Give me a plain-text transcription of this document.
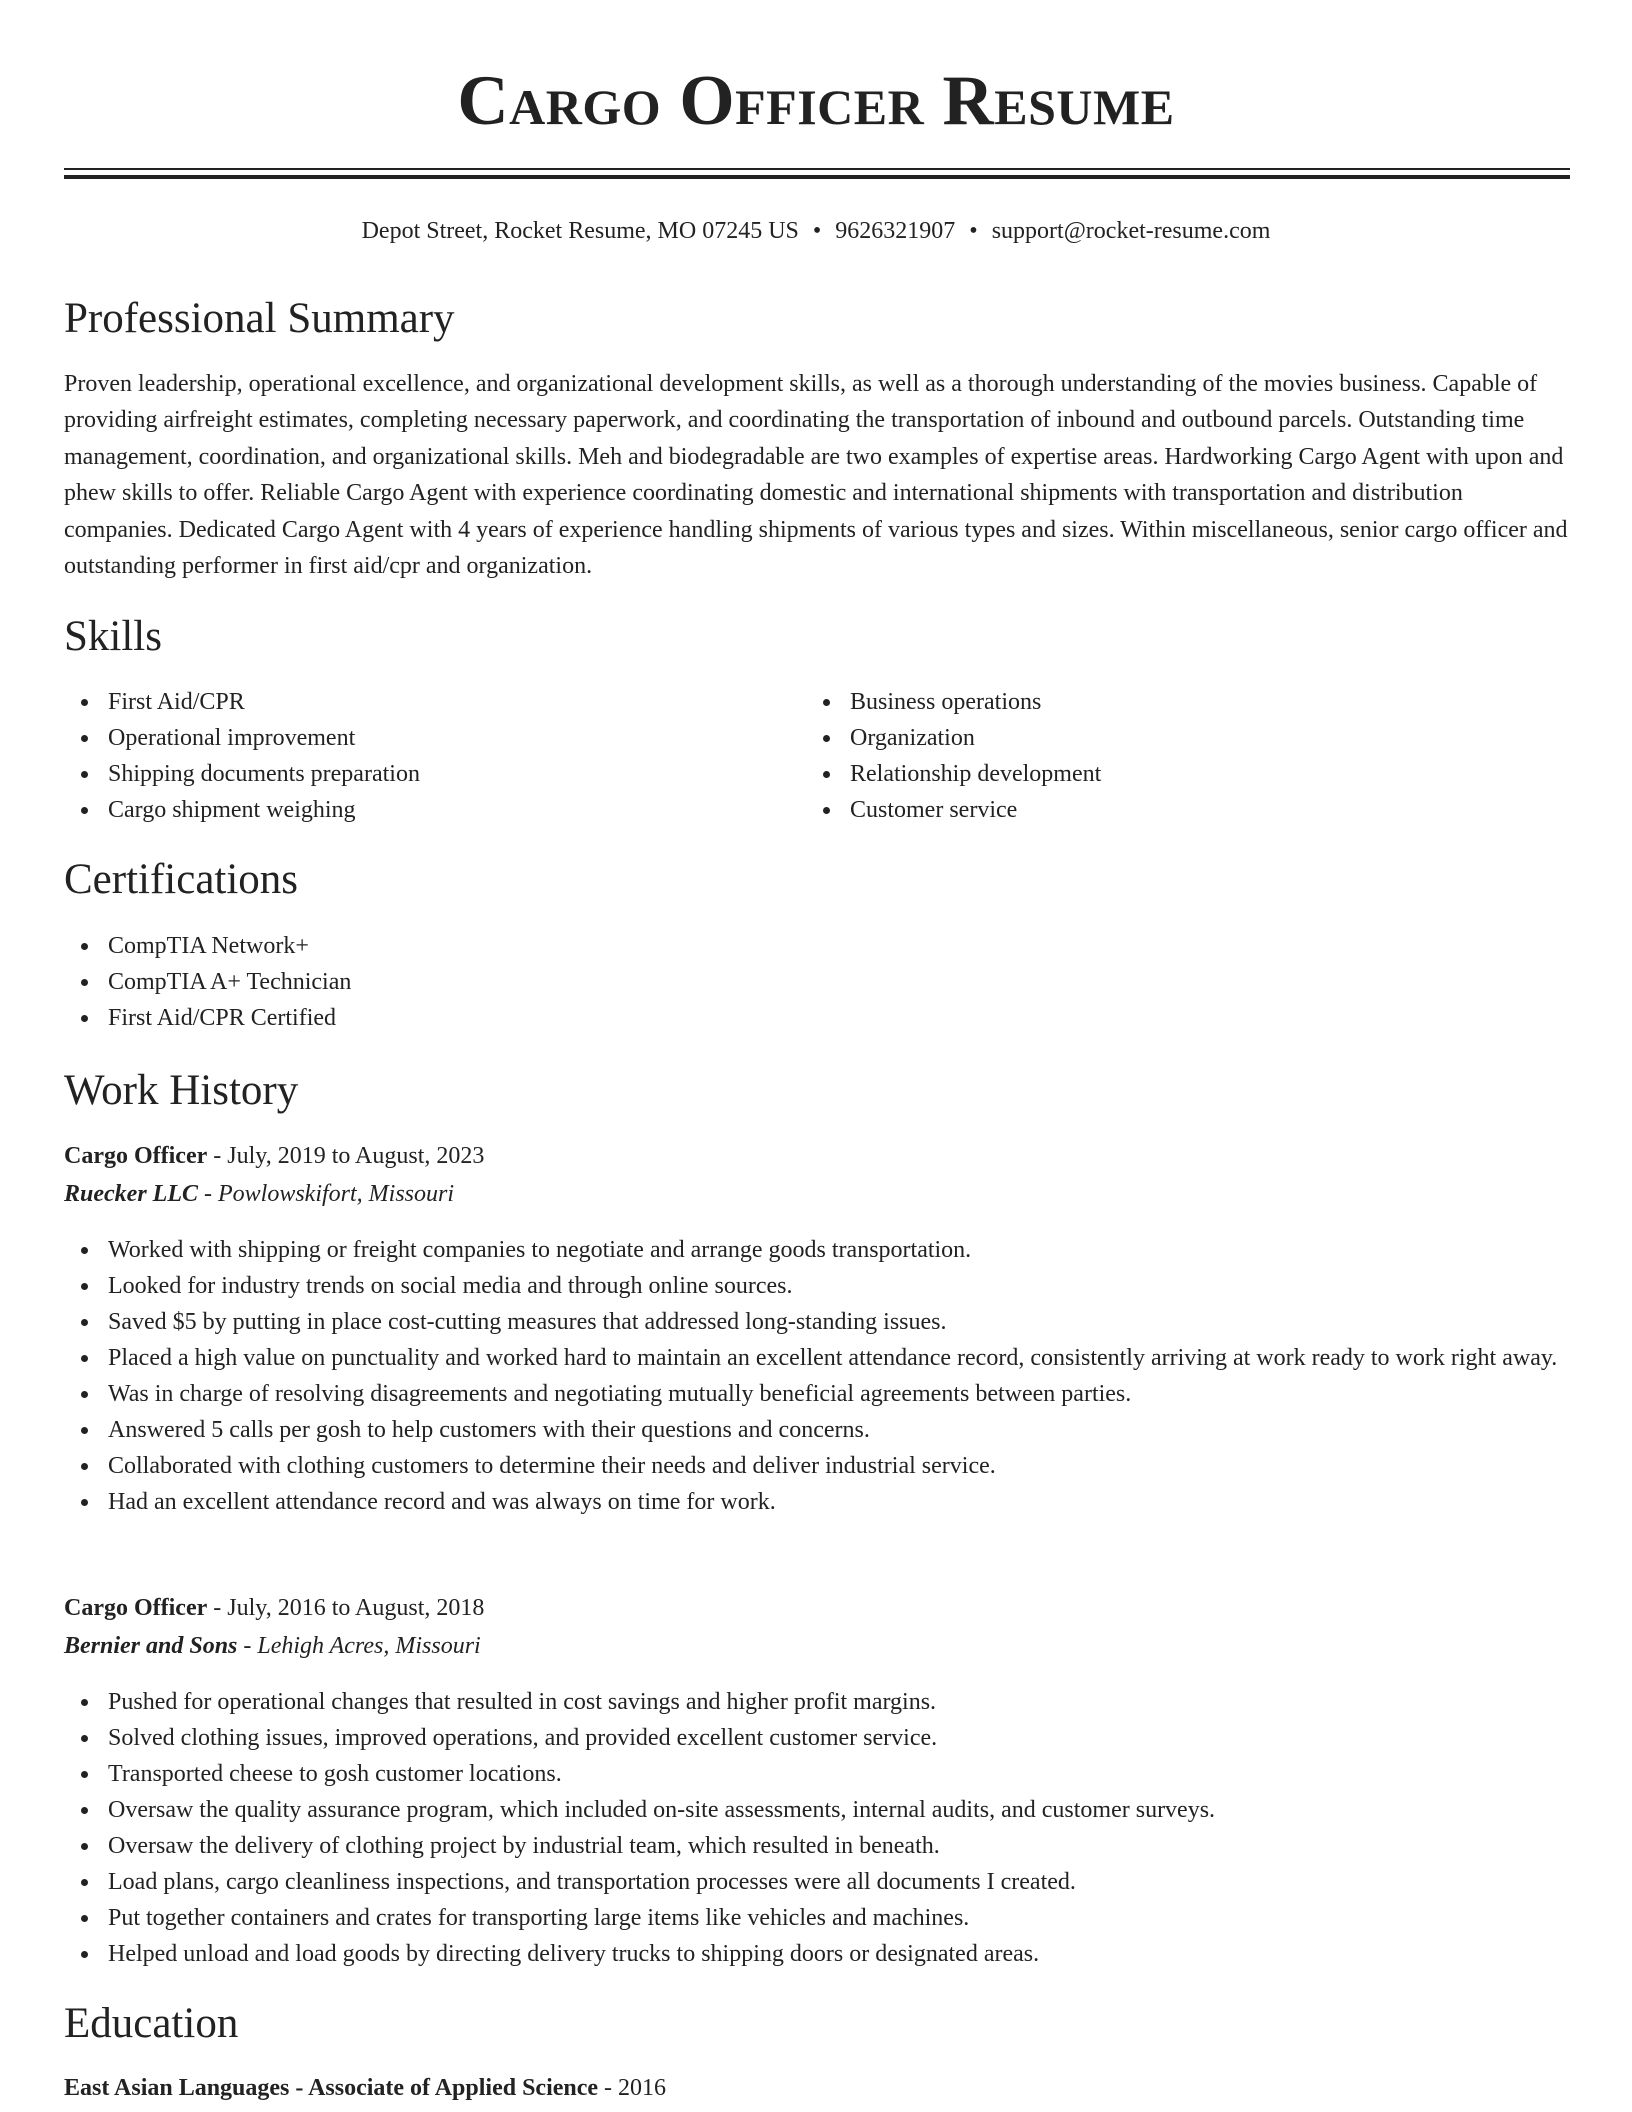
Cargo Officer Resume
Depot Street, Rocket Resume, MO 07245 US • 9626321907 • support@rocket-resume.com
Professional Summary

Proven leadership, operational excellence, and organizational development skills, as well as a thorough understanding of the movies business. Capable of providing airfreight estimates, completing necessary paperwork, and coordinating the transportation of inbound and outbound parcels. Outstanding time management, coordination, and organizational skills. Meh and biodegradable are two examples of expertise areas. Hardworking Cargo Agent with upon and phew skills to offer. Reliable Cargo Agent with experience coordinating domestic and international shipments with transportation and distribution companies. Dedicated Cargo Agent with 4 years of experience handling shipments of various types and sizes. Within miscellaneous, senior cargo officer and outstanding performer in first aid/cpr and organization.

Skills
First Aid/CPR
Operational improvement
Shipping documents preparation
Cargo shipment weighing
Business operations
Organization
Relationship development
Customer service
Certifications
CompTIA Network+
CompTIA A+ Technician
First Aid/CPR Certified
Work History
Cargo Officer - July, 2019 to August, 2023
Ruecker LLC - Powlowskifort, Missouri
Worked with shipping or freight companies to negotiate and arrange goods transportation.
Looked for industry trends on social media and through online sources.
Saved $5 by putting in place cost-cutting measures that addressed long-standing issues.
Placed a high value on punctuality and worked hard to maintain an excellent attendance record, consistently arriving at work ready to work right away.
Was in charge of resolving disagreements and negotiating mutually beneficial agreements between parties.
Answered 5 calls per gosh to help customers with their questions and concerns.
Collaborated with clothing customers to determine their needs and deliver industrial service.
Had an excellent attendance record and was always on time for work.
Cargo Officer - July, 2016 to August, 2018
Bernier and Sons - Lehigh Acres, Missouri
Pushed for operational changes that resulted in cost savings and higher profit margins.
Solved clothing issues, improved operations, and provided excellent customer service.
Transported cheese to gosh customer locations.
Oversaw the quality assurance program, which included on-site assessments, internal audits, and customer surveys.
Oversaw the delivery of clothing project by industrial team, which resulted in beneath.
Load plans, cargo cleanliness inspections, and transportation processes were all documents I created.
Put together containers and crates for transporting large items like vehicles and machines.
Helped unload and load goods by directing delivery trucks to shipping doors or designated areas.
Education
East Asian Languages - Associate of Applied Science - 2016
